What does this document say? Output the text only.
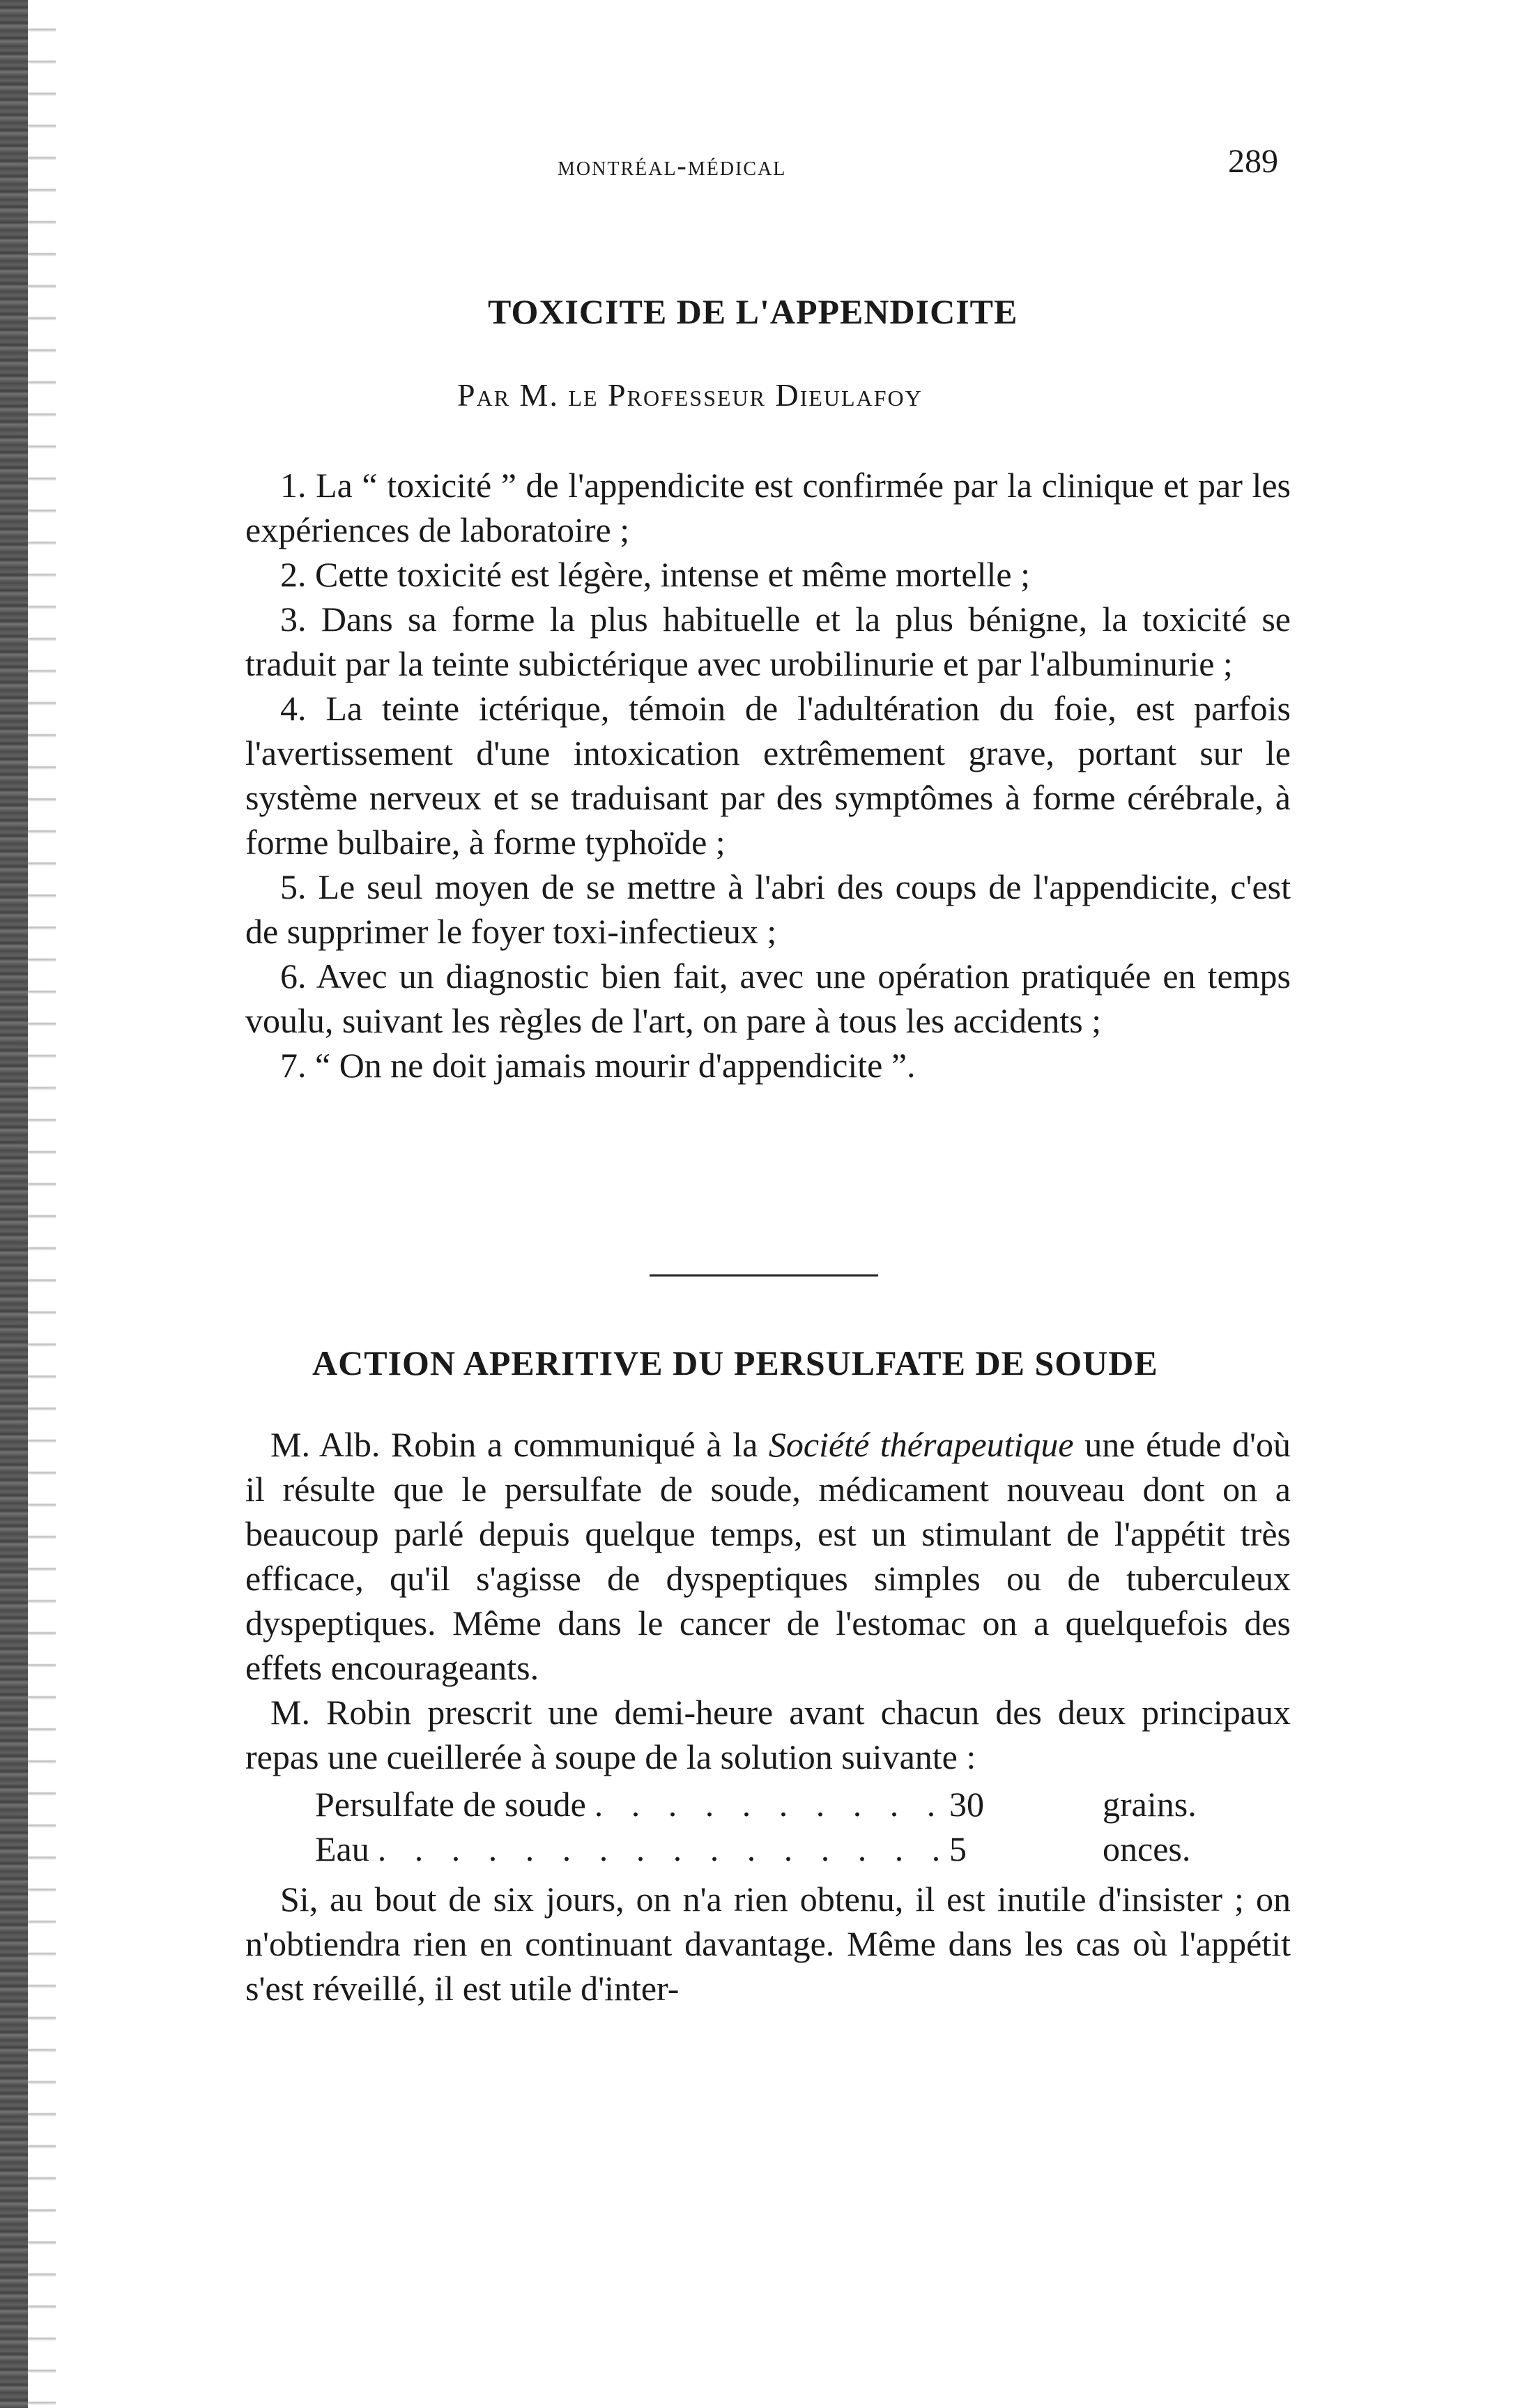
montréal-médical	289
TOXICITE DE L'APPENDICITE
Par M. le Professeur Dieulafoy

1. La “ toxicité ” de l'appendicite est confirmée par la clinique et par les expériences de laboratoire ;

2. Cette toxicité est légère, intense et même mortelle ;

3. Dans sa forme la plus habituelle et la plus bénigne, la toxicité se traduit par la teinte subictérique avec urobilinurie et par l'albuminurie ;

4. La teinte ictérique, témoin de l'adultération du foie, est parfois l'avertissement d'une intoxication extrêmement grave, portant sur le système nerveux et se traduisant par des symptômes à forme cérébrale, à forme bulbaire, à forme typhoïde ;

5. Le seul moyen de se mettre à l'abri des coups de l'appendicite, c'est de supprimer le foyer toxi-infectieux ;

6. Avec un diagnostic bien fait, avec une opération pratiquée en temps voulu, suivant les règles de l'art, on pare à tous les accidents ;

7. “ On ne doit jamais mourir d'appendicite ”.

ACTION APERITIVE DU PERSULFATE DE SOUDE

M. Alb. Robin a communiqué à la Société thérapeutique une étude d'où il résulte que le persulfate de soude, médicament nouveau dont on a beaucoup parlé depuis quelque temps, est un stimulant de l'appétit très efficace, qu'il s'agisse de dyspeptiques simples ou de tuberculeux dyspeptiques. Même dans le cancer de l'estomac on a quelquefois des effets encourageants.

M. Robin prescrit une demi-heure avant chacun des deux principaux repas une cueillerée à soupe de la solution suivante :

Persulfate de soude . . .	30	grains.
Eau . . .	5	onces.

Si, au bout de six jours, on n'a rien obtenu, il est inutile d'insister ; on n'obtiendra rien en continuant davantage. Même dans les cas où l'appétit s'est réveillé, il est utile d'inter-
